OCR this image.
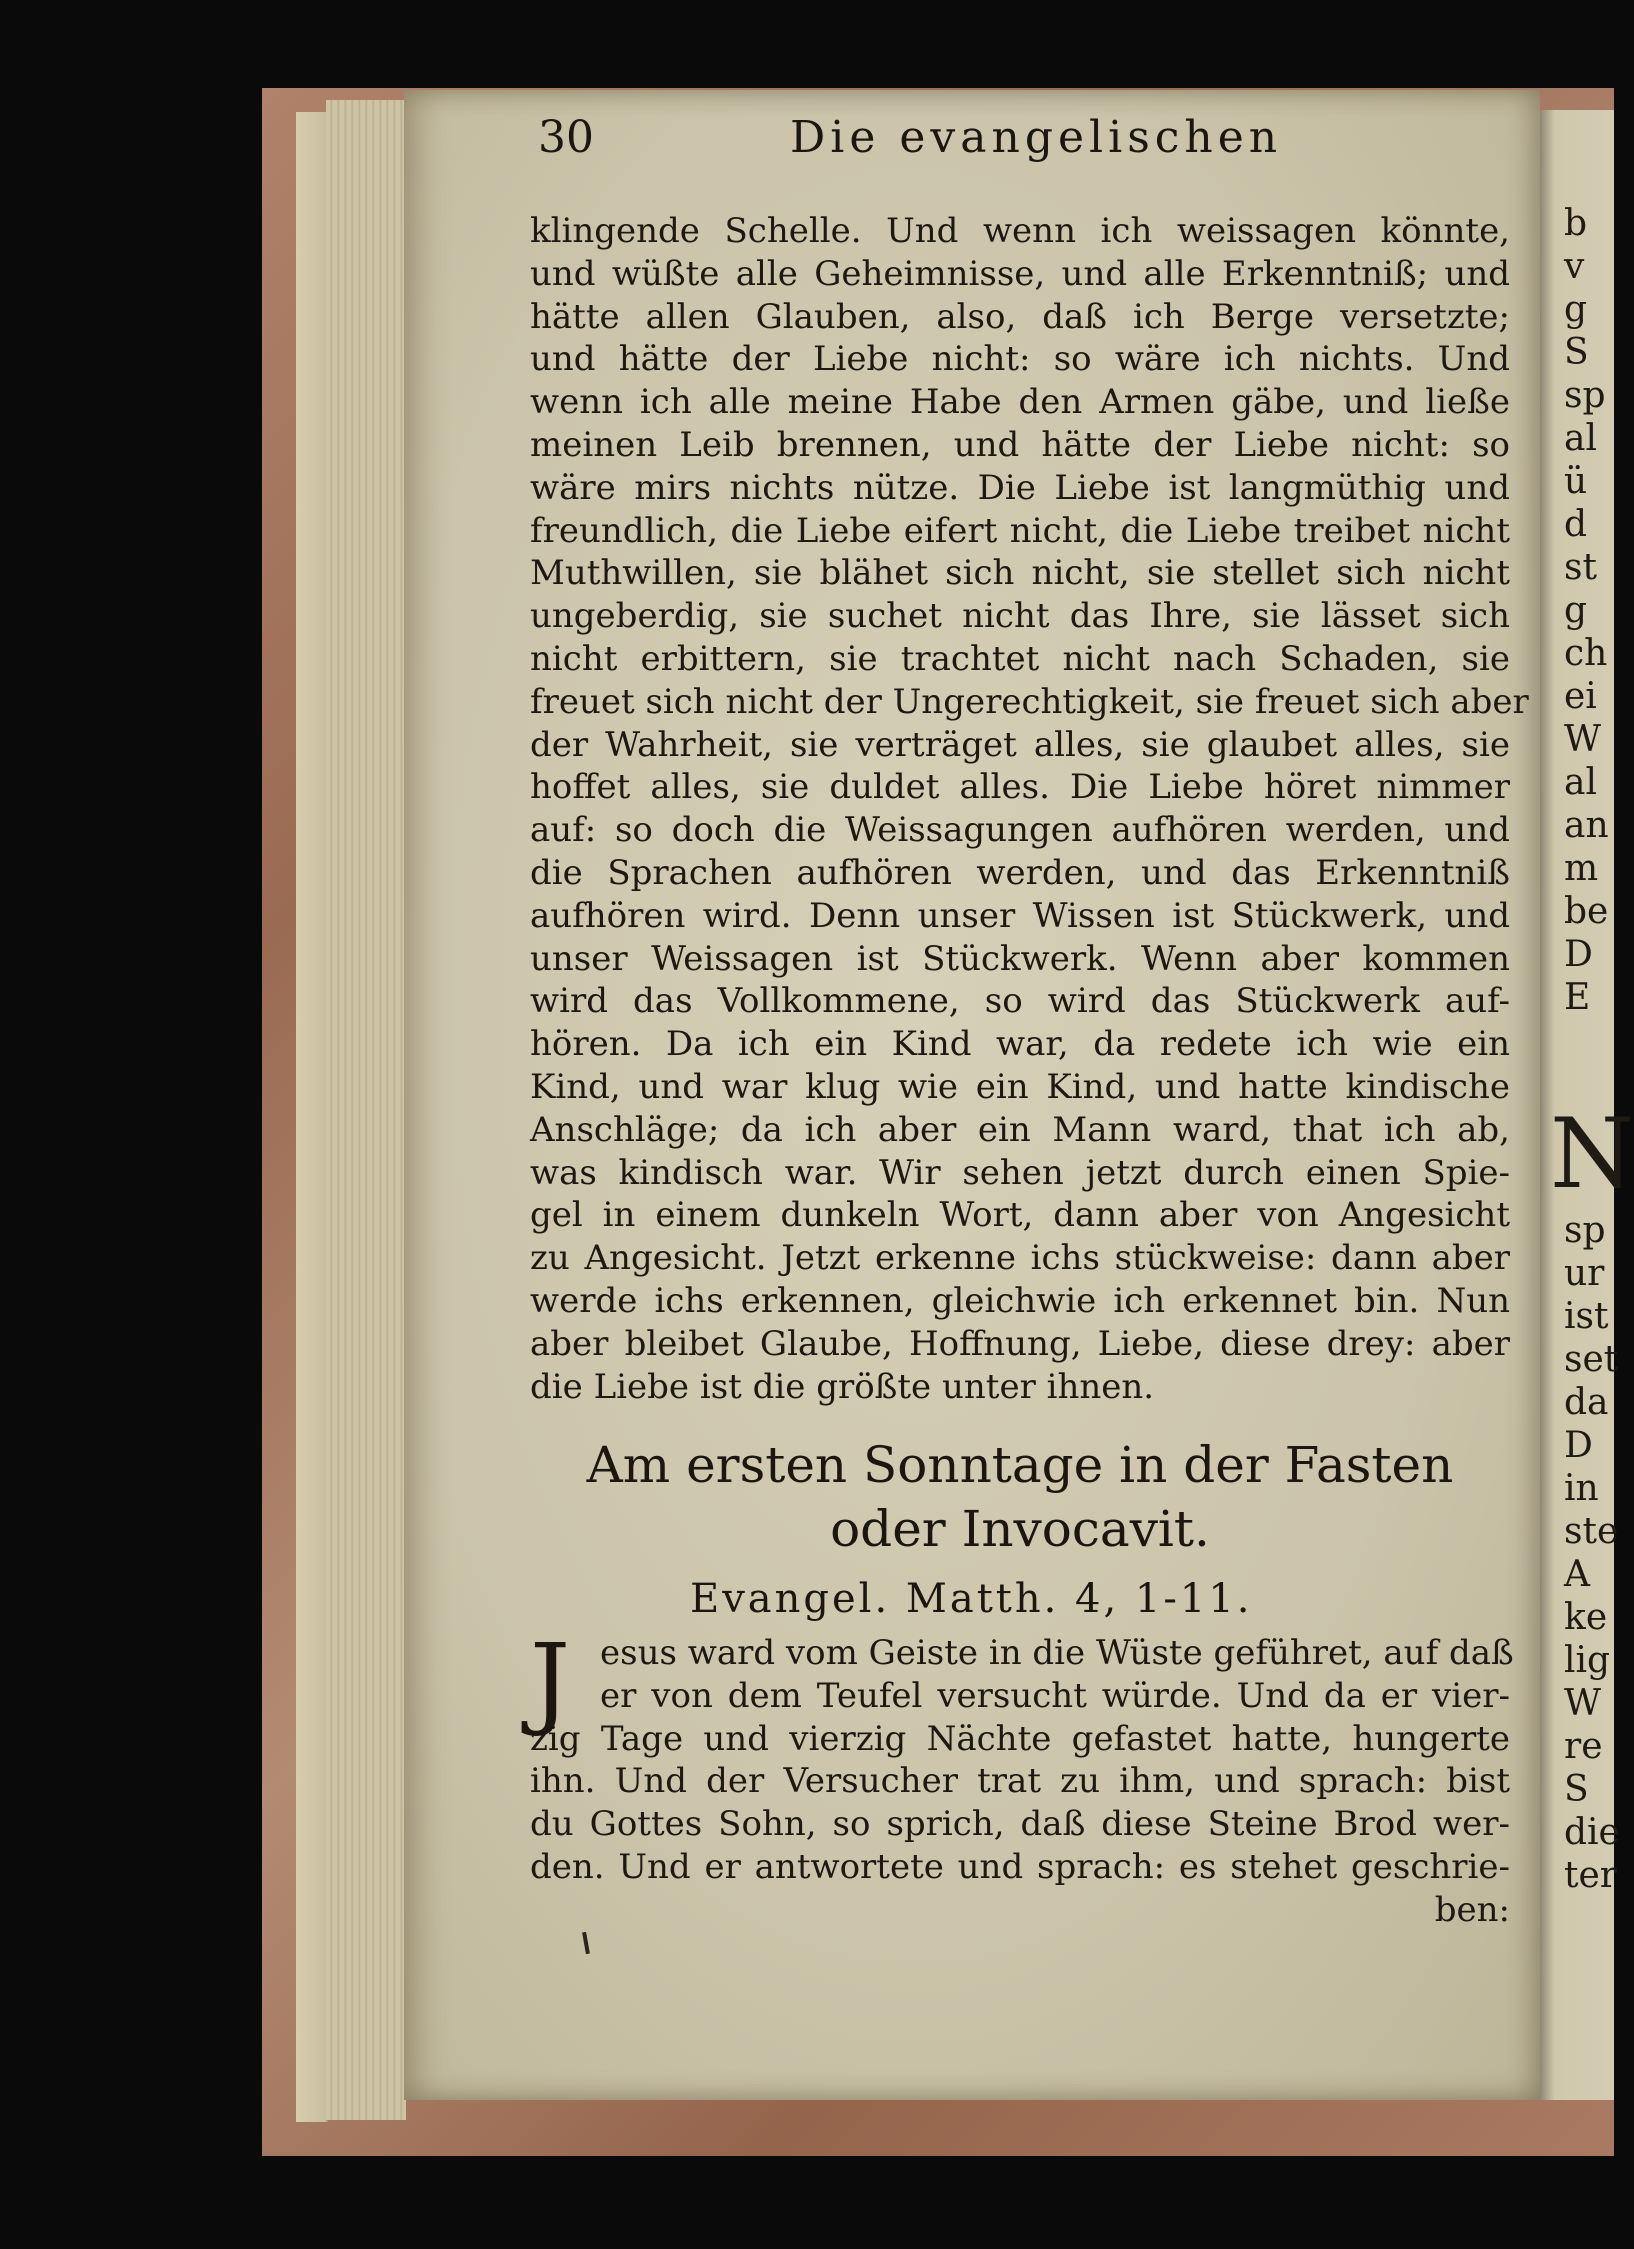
b
v
g
S
sp
al
ü
d
st
g
ch
ei
W
al
an
m
be
D
E
N
sp
ur
ist
set
da
D
in
ste
A
ke
lig
W
re
S
die
ter
30	Die evangelischen
klingende Schelle. Und wenn ich weissagen könnte,
und wüßte alle Geheimnisse, und alle Erkenntniß; und
hätte allen Glauben, also, daß ich Berge versetzte;
und hätte der Liebe nicht: so wäre ich nichts. Und
wenn ich alle meine Habe den Armen gäbe, und ließe
meinen Leib brennen, und hätte der Liebe nicht: so
wäre mirs nichts nütze. Die Liebe ist langmüthig und
freundlich, die Liebe eifert nicht, die Liebe treibet nicht
Muthwillen, sie blähet sich nicht, sie stellet sich nicht
ungeberdig, sie suchet nicht das Ihre, sie lässet sich
nicht erbittern, sie trachtet nicht nach Schaden, sie
freuet sich nicht der Ungerechtigkeit, sie freuet sich aber
der Wahrheit, sie verträget alles, sie glaubet alles, sie
hoffet alles, sie duldet alles. Die Liebe höret nimmer
auf: so doch die Weissagungen aufhören werden, und
die Sprachen aufhören werden, und das Erkenntniß
aufhören wird. Denn unser Wissen ist Stückwerk, und
unser Weissagen ist Stückwerk. Wenn aber kommen
wird das Vollkommene, so wird das Stückwerk auf-
hören. Da ich ein Kind war, da redete ich wie ein
Kind, und war klug wie ein Kind, und hatte kindische
Anschläge; da ich aber ein Mann ward, that ich ab,
was kindisch war. Wir sehen jetzt durch einen Spie-
gel in einem dunkeln Wort, dann aber von Angesicht
zu Angesicht. Jetzt erkenne ichs stückweise: dann aber
werde ichs erkennen, gleichwie ich erkennet bin. Nun
aber bleibet Glaube, Hoffnung, Liebe, diese drey: aber
die Liebe ist die größte unter ihnen.
Am ersten Sonntage in der Fasten
oder Invocavit.
Evangel. Matth. 4, 1-11.
J esus ward vom Geiste in die Wüste geführet, auf daß
er von dem Teufel versucht würde. Und da er vier-
zig Tage und vierzig Nächte gefastet hatte, hungerte
ihn. Und der Versucher trat zu ihm, und sprach: bist
du Gottes Sohn, so sprich, daß diese Steine Brod wer-
den. Und er antwortete und sprach: es stehet geschrie-
ben:
